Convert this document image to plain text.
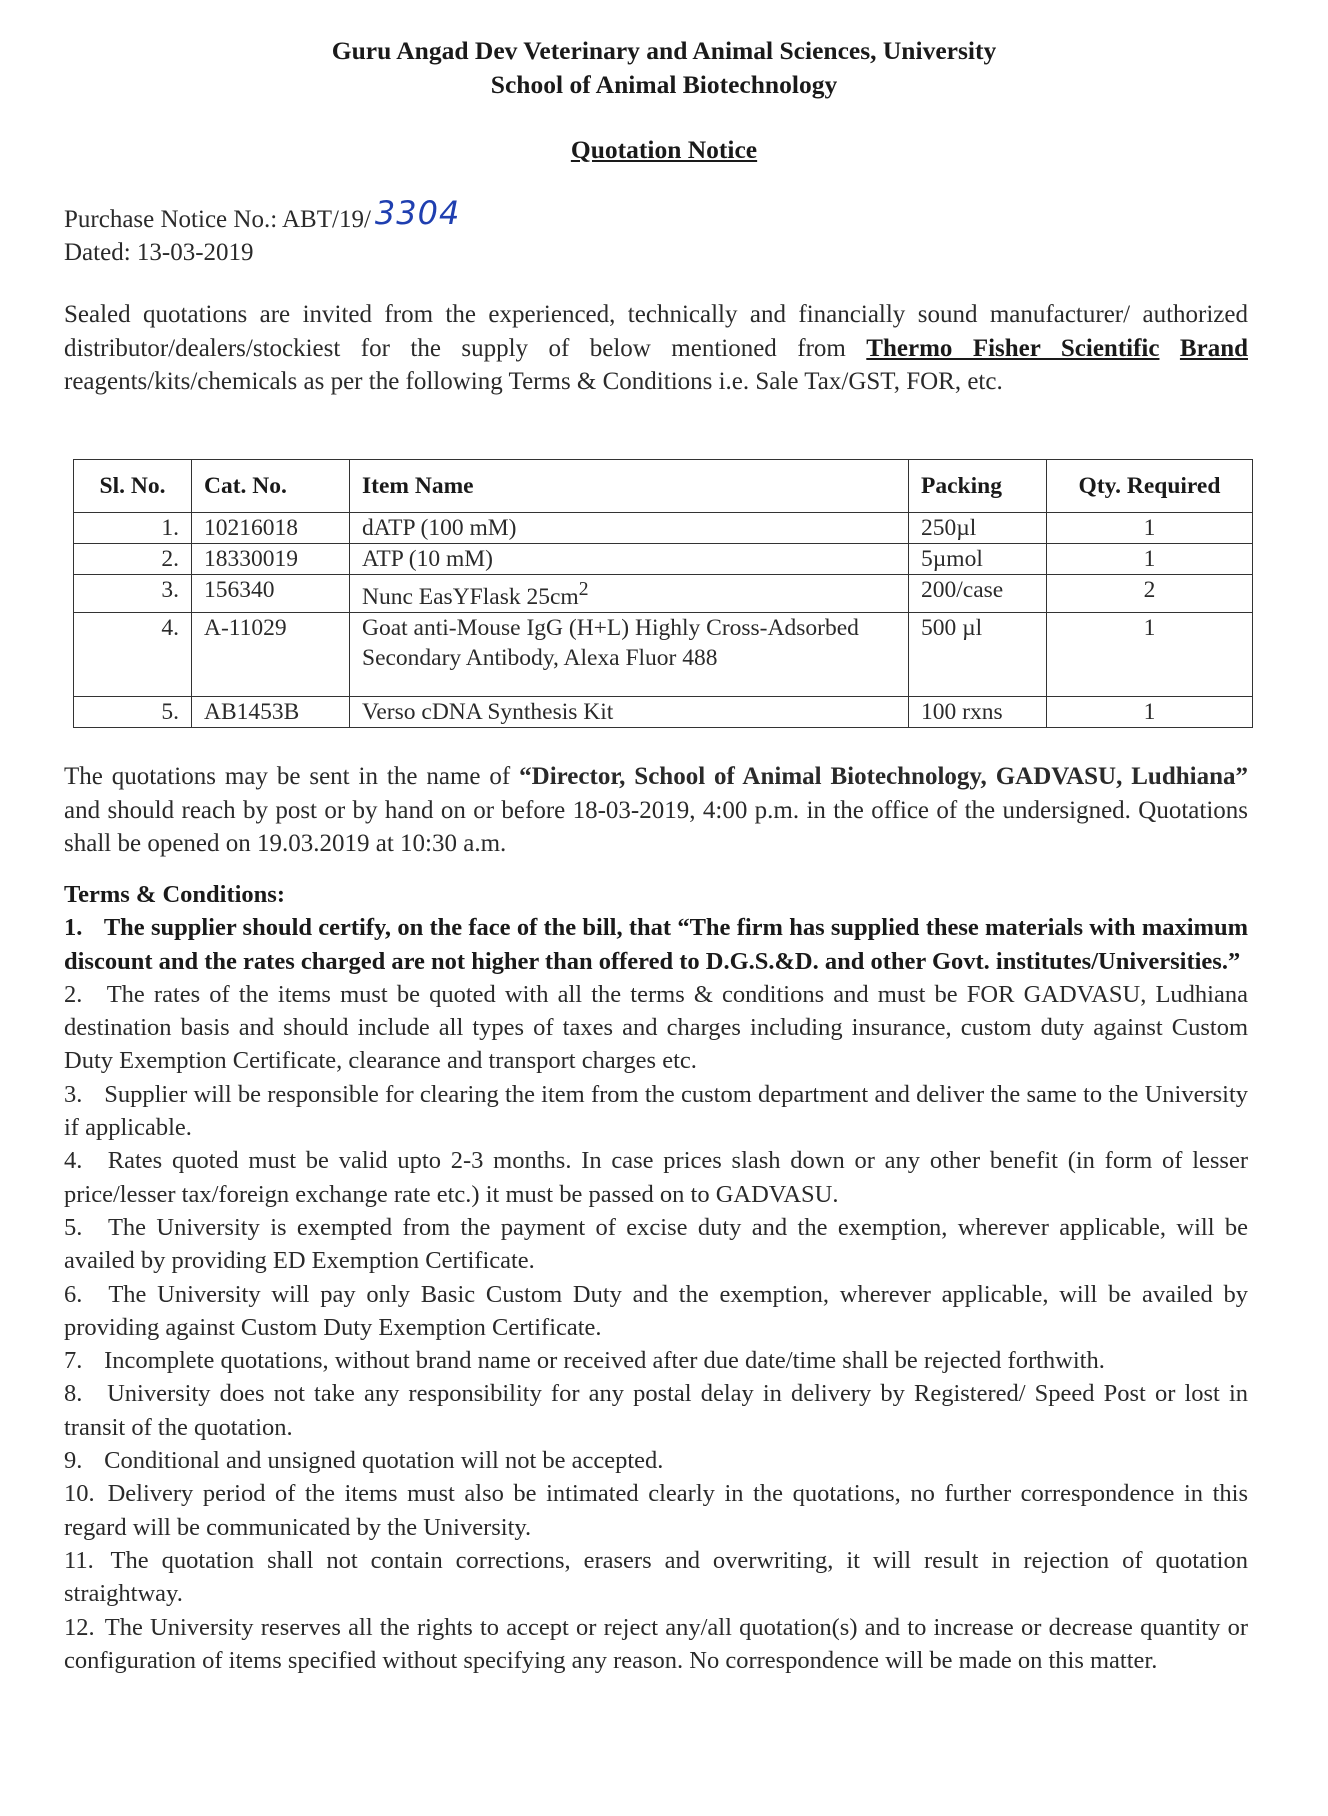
Guru Angad Dev Veterinary and Animal Sciences, University
School of Animal Biotechnology
Quotation Notice
Purchase Notice No.: ABT/19/ 3304
Dated: 13-03-2019
Sealed quotations are invited from the experienced, technically and financially sound manufacturer/ authorized distributor/dealers/stockiest for the supply of below mentioned from Thermo Fisher Scientific Brand reagents/kits/chemicals as per the following Terms & Conditions i.e. Sale Tax/GST, FOR, etc.
Sl. No.	Cat. No.	Item Name	Packing	Qty. Required
1.	10216018	dATP (100 mM)	250µl	1
2.	18330019	ATP (10 mM)	5µmol	1
3.	156340	Nunc EasYFlask $25cm^2$	200/case	2
4.	A-11029	Goat anti-Mouse IgG (H+L) Highly Cross-Adsorbed Secondary Antibody, Alexa Fluor 488	500 µl	1
5.	AB1453B	Verso cDNA Synthesis Kit	100 rxns	1
The quotations may be sent in the name of “Director, School of Animal Biotechnology, GADVASU, Ludhiana” and should reach by post or by hand on or before 18-03-2019, 4:00 p.m. in the office of the undersigned. Quotations shall be opened on 19.03.2019 at 10:30 a.m.
Terms & Conditions:

1. The supplier should certify, on the face of the bill, that “The firm has supplied these materials with maximum discount and the rates charged are not higher than offered to D.G.S.&D. and other Govt. institutes/Universities.”

2. The rates of the items must be quoted with all the terms & conditions and must be FOR GADVASU, Ludhiana destination basis and should include all types of taxes and charges including insurance, custom duty against Custom Duty Exemption Certificate, clearance and transport charges etc.

3. Supplier will be responsible for clearing the item from the custom department and deliver the same to the University if applicable.

4. Rates quoted must be valid upto 2-3 months. In case prices slash down or any other benefit (in form of lesser price/lesser tax/foreign exchange rate etc.) it must be passed on to GADVASU.

5. The University is exempted from the payment of excise duty and the exemption, wherever applicable, will be availed by providing ED Exemption Certificate.

6. The University will pay only Basic Custom Duty and the exemption, wherever applicable, will be availed by providing against Custom Duty Exemption Certificate.

7. Incomplete quotations, without brand name or received after due date/time shall be rejected forthwith.

8. University does not take any responsibility for any postal delay in delivery by Registered/ Speed Post or lost in transit of the quotation.

9. Conditional and unsigned quotation will not be accepted.

10. Delivery period of the items must also be intimated clearly in the quotations, no further correspondence in this regard will be communicated by the University.

11. The quotation shall not contain corrections, erasers and overwriting, it will result in rejection of quotation straightway.

12. The University reserves all the rights to accept or reject any/all quotation(s) and to increase or decrease quantity or configuration of items specified without specifying any reason. No correspondence will be made on this matter.
